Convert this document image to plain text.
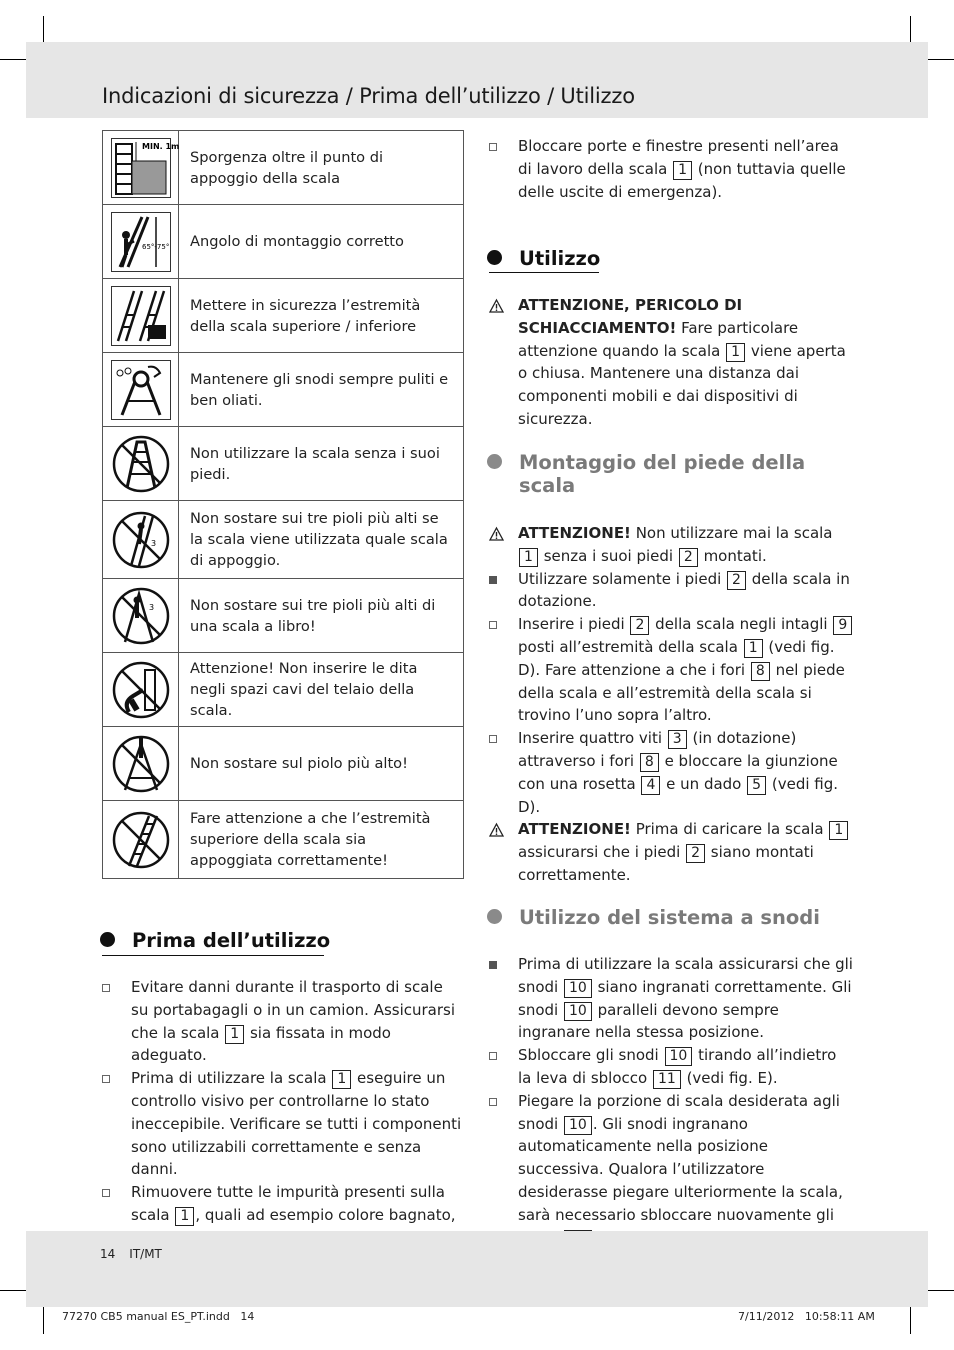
Indicazioni di sicurezza / Prima dell’utilizzo / Utilizzo
MIN. 1m	Sporgenza oltre il punto di appoggio della scala

65°-75°	Angolo di montaggio corretto

	Mettere in sicurezza l’estremità della scala superiore / inferiore

	Mantenere gli snodi sempre puliti e ben oliati.

	Non utilizzare la scala senza i suoi piedi.

3	Non sostare sui tre pioli più alti se la scala viene utilizzata quale scala di appoggio.

3	Non sostare sui tre pioli più alti di una scala a libro!

	Attenzione! Non inserire le dita negli spazi cavi del telaio della scala.

	Non sostare sul piolo più alto!

	Fare attenzione a che l’estremità superiore della scala sia appoggiata correttamente!
Prima dell’utilizzo
Evitare danni durante il trasporto di scale su portabagagli o in un camion. Assicurarsi che la scala 1 sia fissata in modo adeguato.
Prima di utilizzare la scala 1 eseguire un controllo visivo per controllarne lo stato ineccepibile. Verificare se tutti i componenti sono utilizzabili correttamente e senza danni.
Rimuovere tutte le impurità presenti sulla scala 1 , quali ad esempio colore bagnato,
Bloccare porte e finestre presenti nell’area di lavoro della scala 1 (non tuttavia quelle delle uscite di emergenza).
Utilizzo
ATTENZIONE, PERICOLO DI SCHIACCIAMENTO! Fare particolare attenzione quando la scala 1 viene aperta o chiusa. Mantenere una distanza dai componenti mobili e dai dispositivi di sicurezza.
Montaggio del piede della scala
ATTENZIONE! Non utilizzare mai la scala 1 senza i suoi piedi 2 montati.
Utilizzare solamente i piedi 2 della scala in dotazione.
Inserire i piedi 2 della scala negli intagli 9 posti all’estremità della scala 1 (vedi fig. D). Fare attenzione a che i fori 8 nel piede della scala e all’estremità della scala si trovino l’uno sopra l’altro.
Inserire quattro viti 3 (in dotazione) attraverso i fori 8 e bloccare la giunzione con una rosetta 4 e un dado 5 (vedi fig. D).
ATTENZIONE! Prima di caricare la scala 1 assicurarsi che i piedi 2 siano montati correttamente.
Utilizzo del sistema a snodi
Prima di utilizzare la scala assicurarsi che gli snodi 10 siano ingranati correttamente. Gli snodi 10 paralleli devono sempre ingranare nella stessa posizione.
Sbloccare gli snodi 10 tirando all’indietro la leva di sblocco 11 (vedi fig. E).
Piegare la porzione di scala desiderata agli snodi 10 . Gli snodi ingranano automaticamente nella posizione successiva. Qualora l’utilizzatore desiderasse piegare ulteriormente la scala, sarà necessario sbloccare nuovamente gli
14 IT/MT
77270 CB5 manual ES_PT.indd   14	7/11/2012   10:58:11 AM
